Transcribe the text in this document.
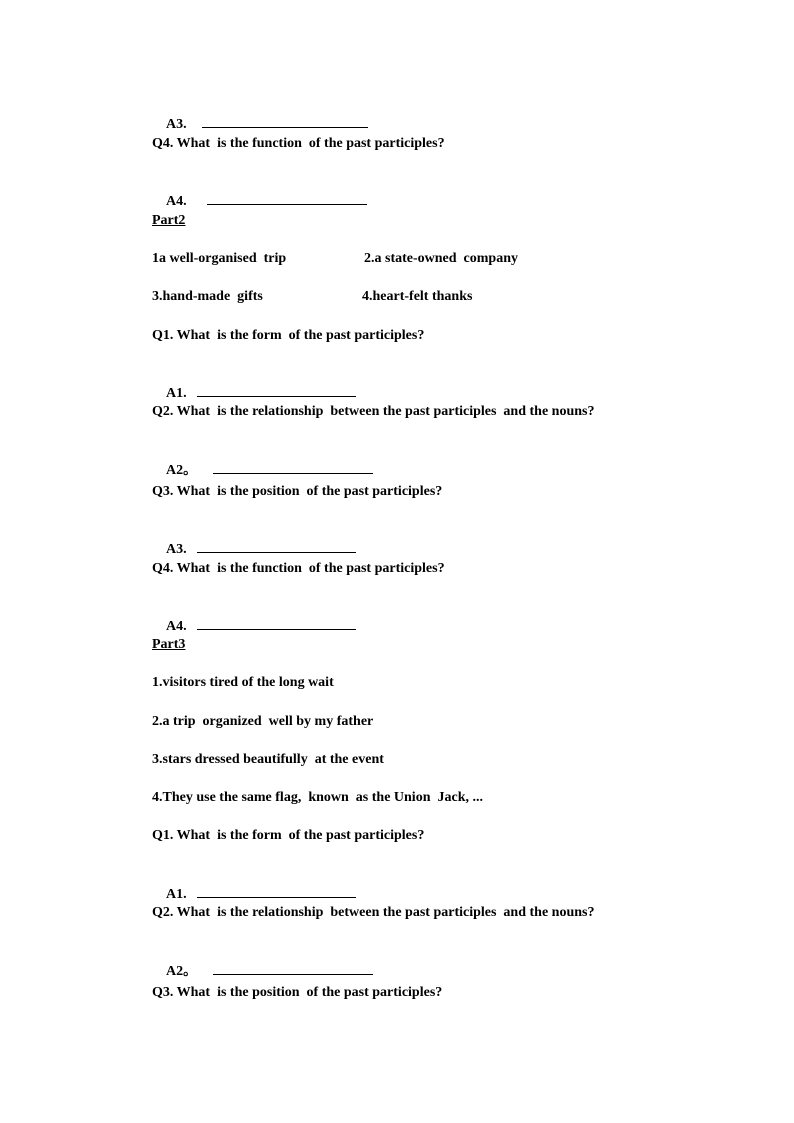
A3.

Q4. What  is the function  of the past participles?

A4.

Part2
1a well-organised  trip	2.a state-owned  company
3.hand-made  gifts	4.heart-felt thanks
Q1. What  is the form  of the past participles?

A1.

Q2. What  is the relationship  between the past participles  and the nouns?

A2。

Q3. What  is the position  of the past participles?

A3.

Q4. What  is the function  of the past participles?

A4.

Part3
1.visitors tired of the long wait
2.a trip  organized  well by my father
3.stars dressed beautifully  at the event
4.They use the same flag,  known  as the Union  Jack, ...
Q1. What  is the form  of the past participles?

A1.

Q2. What  is the relationship  between the past participles  and the nouns?

A2。

Q3. What  is the position  of the past participles?
